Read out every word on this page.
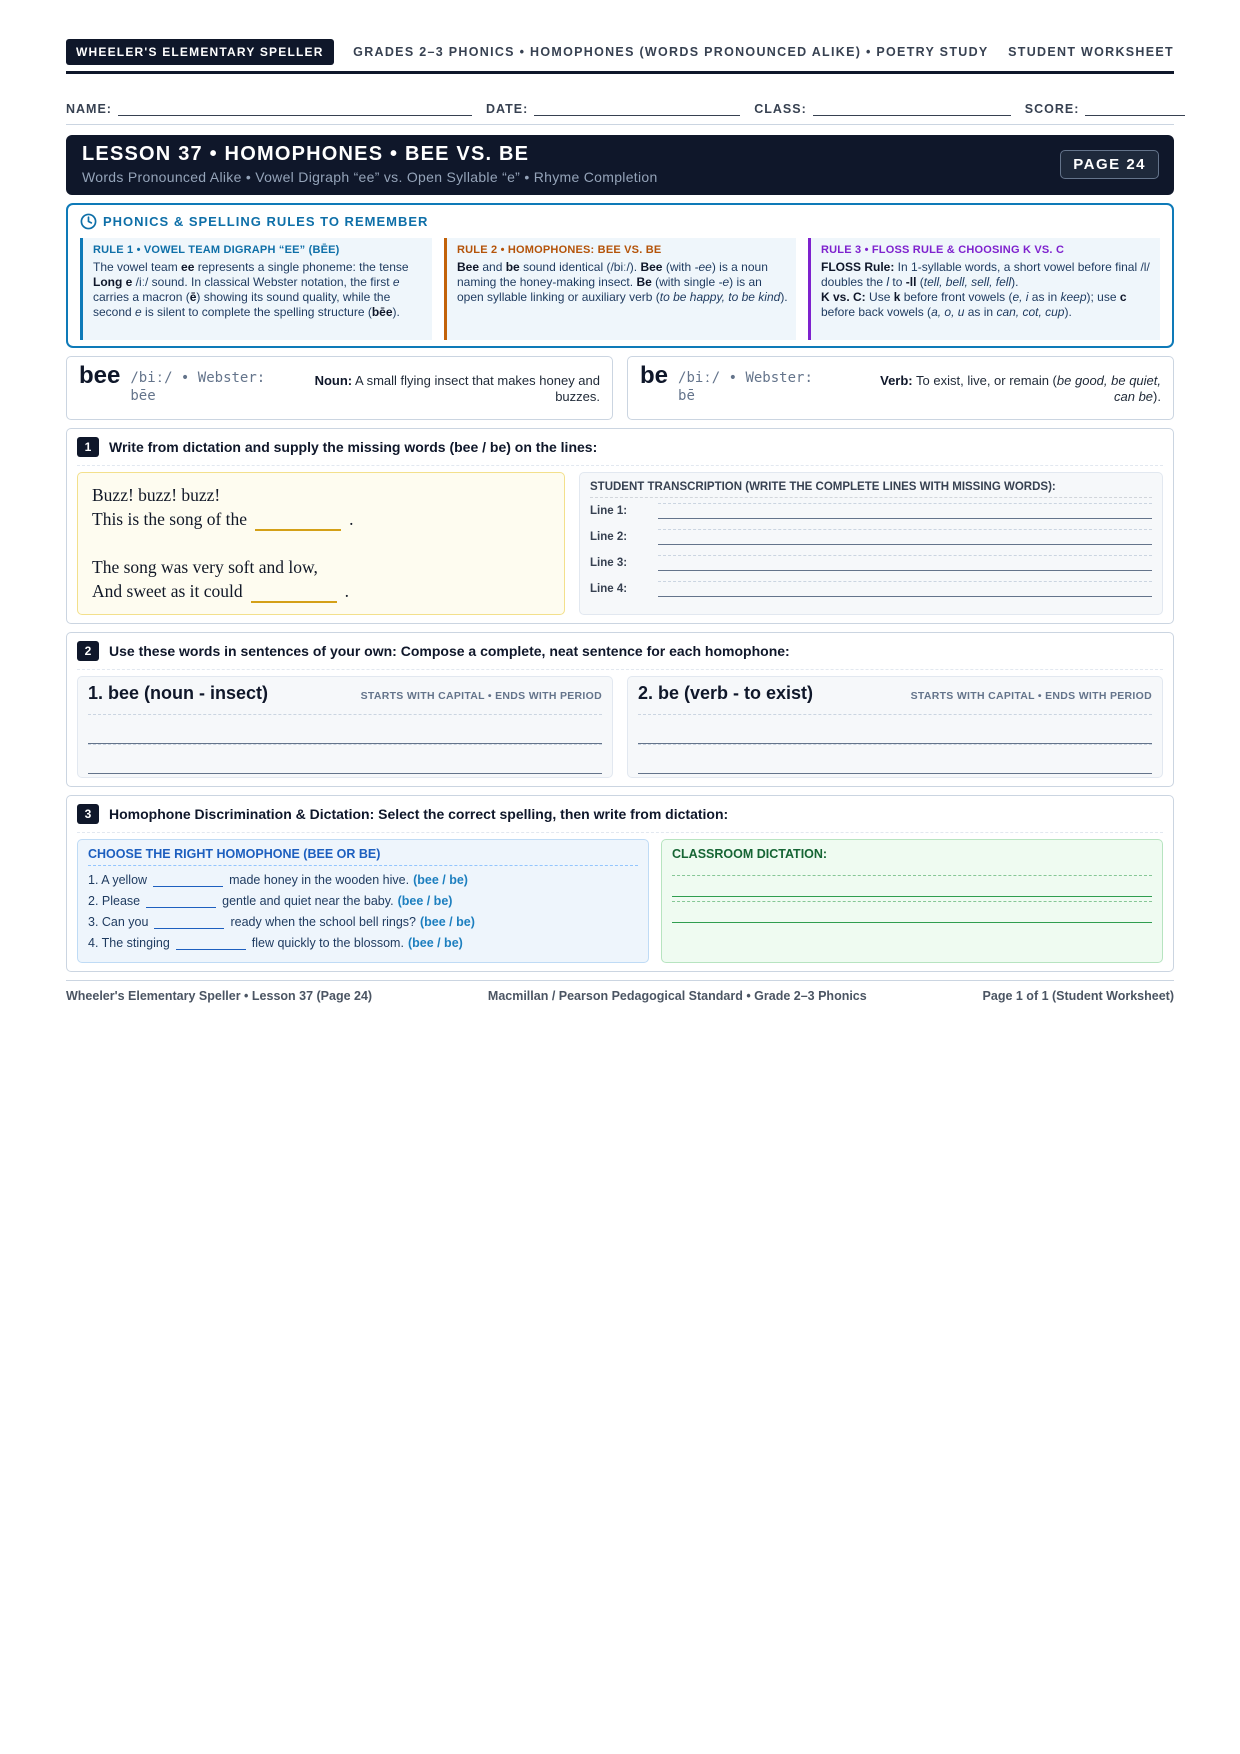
WHEELER'S ELEMENTARY SPELLER	GRADES 2–3 PHONICS • HOMOPHONES (WORDS PRONOUNCED ALIKE) • POETRY STUDY STUDENT WORKSHEET
NAME:	DATE:	CLASS:	SCORE:
LESSON 37 • HOMOPHONES • BEE VS. BE
Words Pronounced Alike • Vowel Digraph “ee” vs. Open Syllable “e” • Rhyme Completion
PAGE 24
PHONICS & SPELLING RULES TO REMEMBER
RULE 1 • VOWEL TEAM DIGRAPH “EE” (BĒE)
The vowel team ee represents a single phoneme: the tense Long e /iː/ sound. In classical Webster notation, the first e carries a macron (ē) showing its sound quality, while the second e is silent to complete the spelling structure (bēe).
RULE 2 • HOMOPHONES: BEE VS. BE
Bee and be sound identical (/biː/). Bee (with -ee) is a noun naming the honey-making insect. Be (with single -e) is an open syllable linking or auxiliary verb (to be happy, to be kind).
RULE 3 • FLOSS RULE & CHOOSING K VS. C
FLOSS Rule: In 1-syllable words, a short vowel before final /l/ doubles the l to -ll (tell, bell, sell, fell).
K vs. C: Use k before front vowels (e, i as in keep); use c before back vowels (a, o, u as in can, cot, cup).
bee /biː/ • Webster: bēe
Noun: A small flying insect that makes honey and buzzes.
be /biː/ • Webster: bē
Verb: To exist, live, or remain (be good, be quiet, can be).
1	Write from dictation and supply the missing words (bee / be) on the lines:
Buzz! buzz! buzz!
This is the song of the	.
The song was very soft and low,
And sweet as it could	.
STUDENT TRANSCRIPTION (WRITE THE COMPLETE LINES WITH MISSING WORDS):
Line 1:
Line 2:
Line 3:
Line 4:
2	Use these words in sentences of your own: Compose a complete, neat sentence for each homophone:
1. bee (noun - insect)	STARTS WITH CAPITAL • ENDS WITH PERIOD 2. be (verb - to exist)	STARTS WITH CAPITAL • ENDS WITH PERIOD
3	Homophone Discrimination & Dictation: Select the correct spelling, then write from dictation:
CHOOSE THE RIGHT HOMOPHONE (BEE OR BE)
1. A yellow	made honey in the wooden hive. (bee / be)
2. Please	gentle and quiet near the baby. (bee / be)
3. Can you	ready when the school bell rings? (bee / be)
4. The stinging	flew quickly to the blossom. (bee / be)
CLASSROOM DICTATION:
Wheeler's Elementary Speller • Lesson 37 (Page 24)	Macmillan / Pearson Pedagogical Standard • Grade 2–3 Phonics	Page 1 of 1 (Student Worksheet)
